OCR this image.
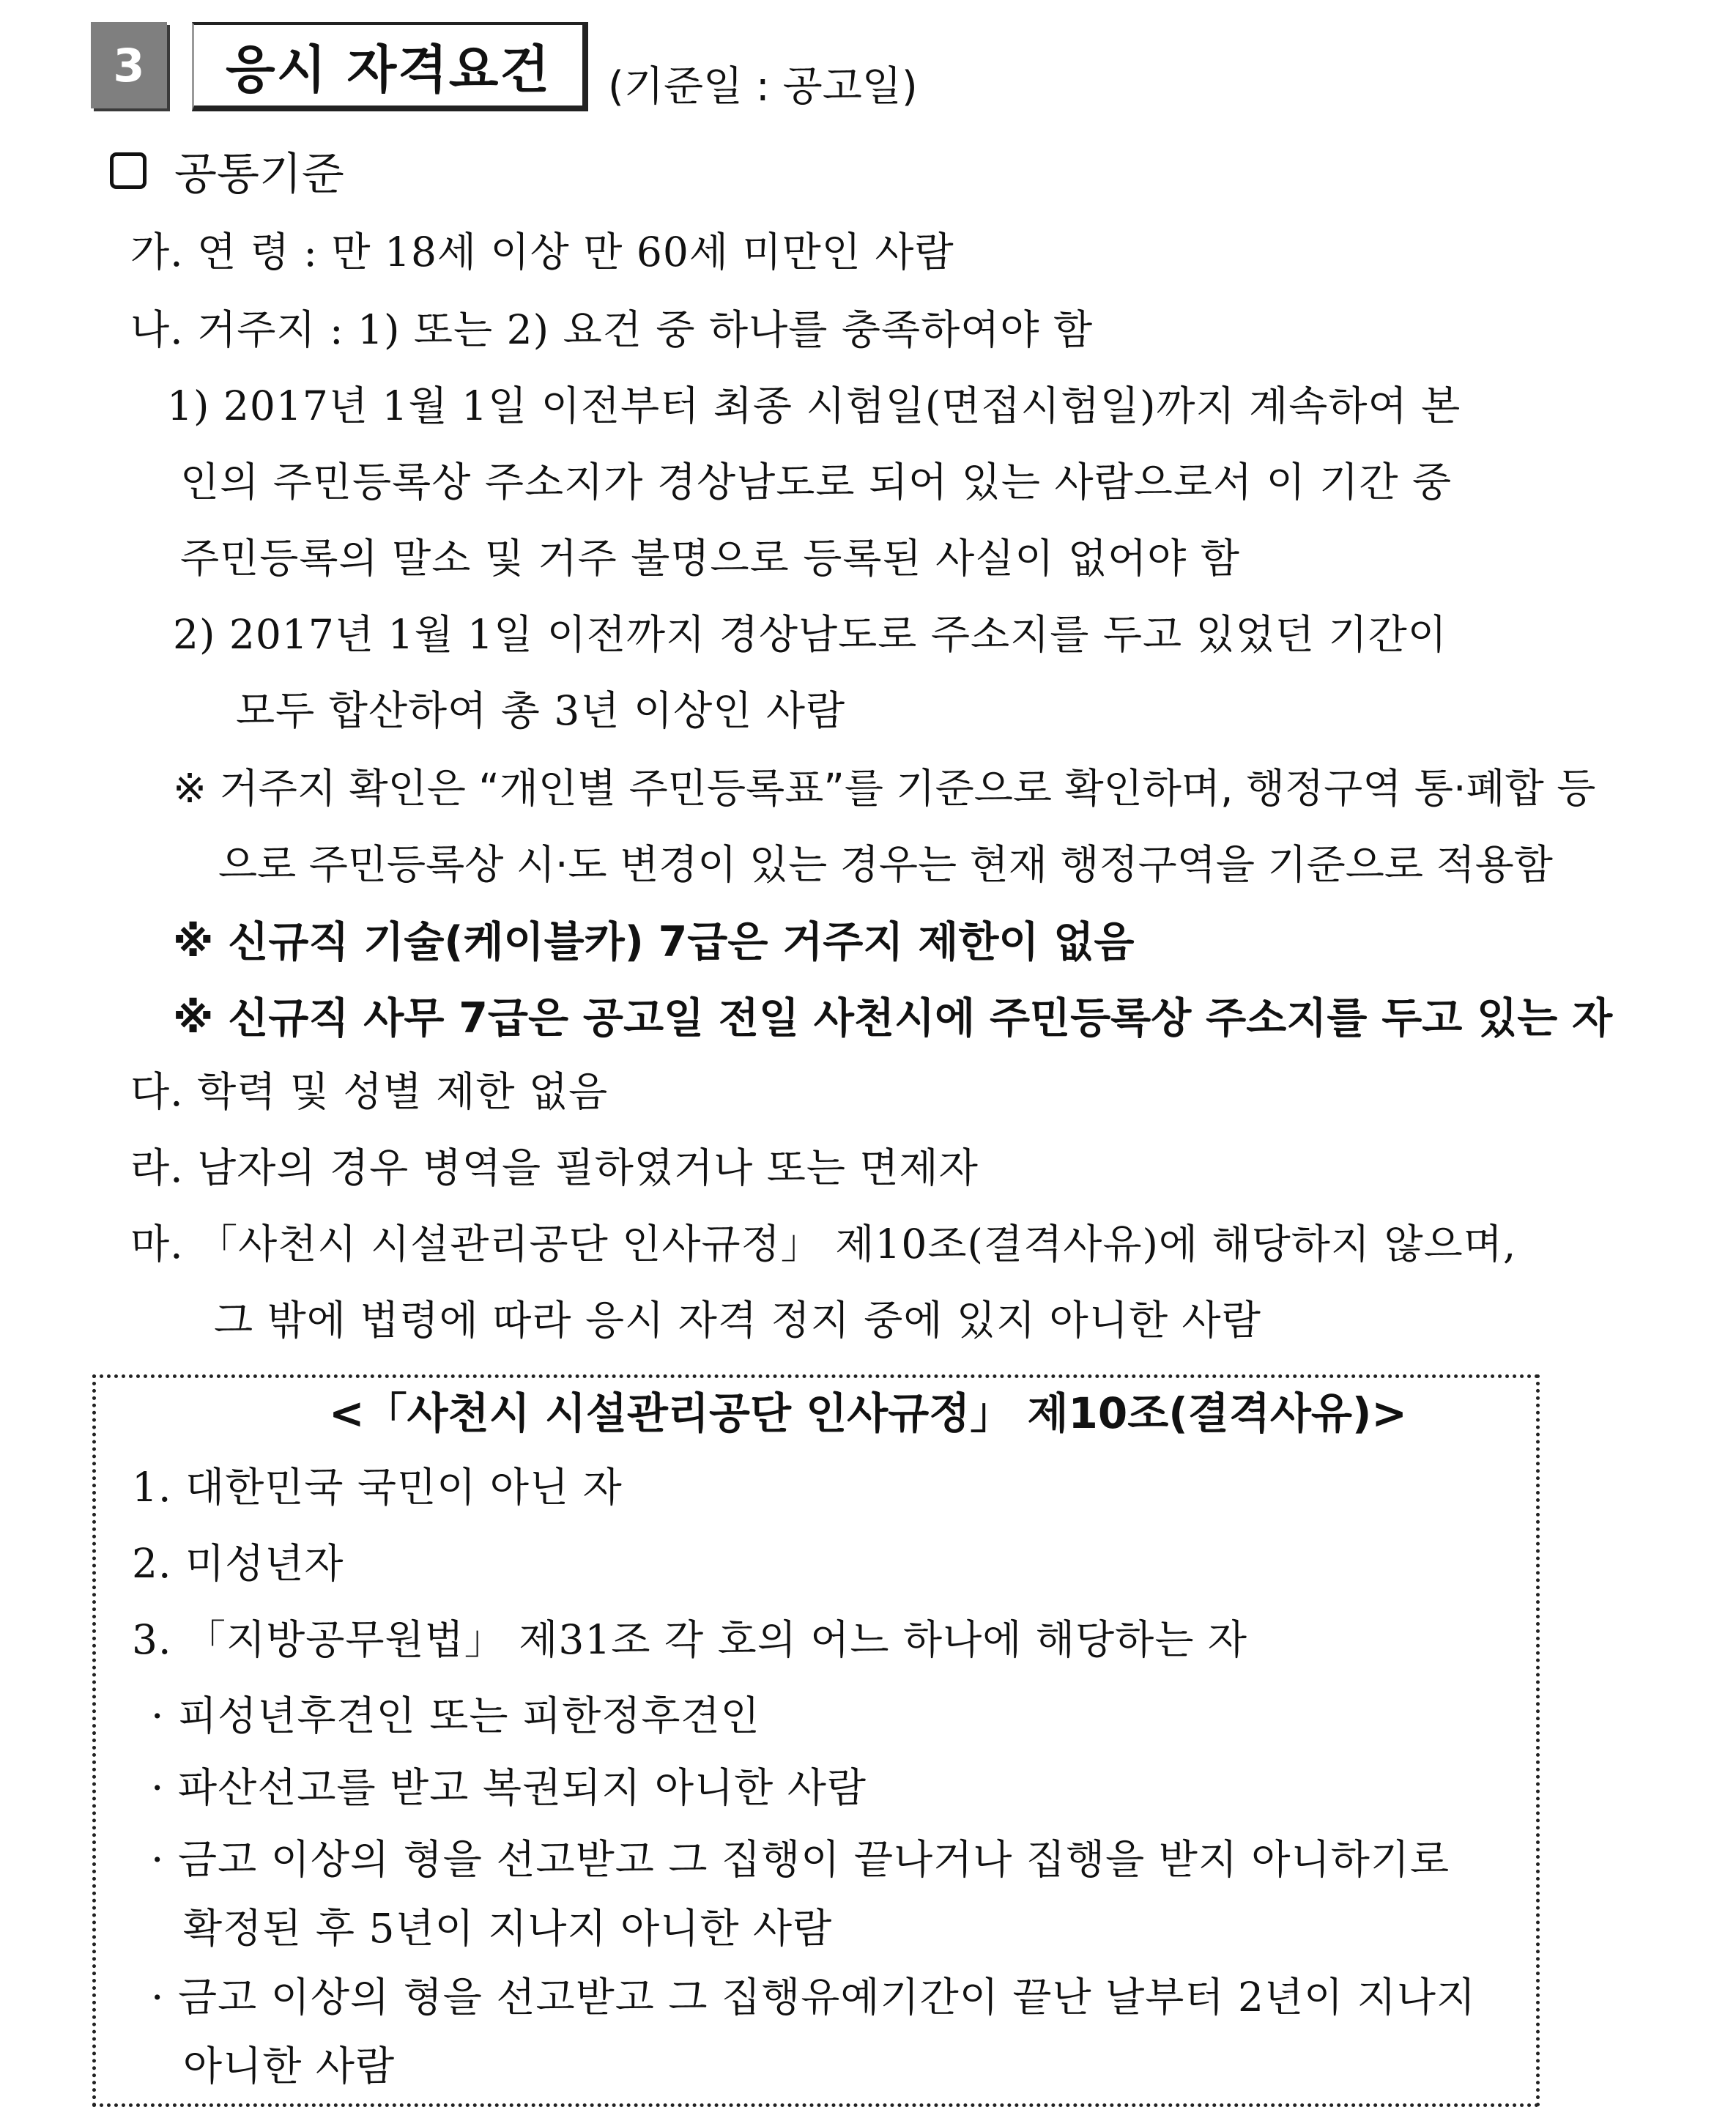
3	응시 자격요건	(기준일 : 공고일)
공통기준
가. 연 령 : 만 18세 이상 만 60세 미만인 사람
나. 거주지 : 1) 또는 2) 요건 중 하나를 충족하여야 함
1) 2017년 1월 1일 이전부터 최종 시험일(면접시험일)까지 계속하여 본
인의 주민등록상 주소지가 경상남도로 되어 있는 사람으로서 이 기간 중
주민등록의 말소 및 거주 불명으로 등록된 사실이 없어야 함
2) 2017년 1월 1일 이전까지 경상남도로 주소지를 두고 있었던 기간이
모두 합산하여 총 3년 이상인 사람
※ 거주지 확인은 “개인별 주민등록표”를 기준으로 확인하며, 행정구역 통·폐합 등
으로 주민등록상 시·도 변경이 있는 경우는 현재 행정구역을 기준으로 적용함
※ 신규직 기술(케이블카) 7급은 거주지 제한이 없음
※ 신규직 사무 7급은 공고일 전일 사천시에 주민등록상 주소지를 두고 있는 자
다. 학력 및 성별 제한 없음
라. 남자의 경우 병역을 필하였거나 또는 면제자
마. 「사천시 시설관리공단 인사규정」 제10조(결격사유)에 해당하지 않으며,
그 밖에 법령에 따라 응시 자격 정지 중에 있지 아니한 사람
<「사천시 시설관리공단 인사규정」 제10조(결격사유)>
1. 대한민국 국민이 아닌 자
2. 미성년자
3. 「지방공무원법」 제31조 각 호의 어느 하나에 해당하는 자
· 피성년후견인 또는 피한정후견인
· 파산선고를 받고 복권되지 아니한 사람
· 금고 이상의 형을 선고받고 그 집행이 끝나거나 집행을 받지 아니하기로
확정된 후 5년이 지나지 아니한 사람
· 금고 이상의 형을 선고받고 그 집행유예기간이 끝난 날부터 2년이 지나지
아니한 사람
